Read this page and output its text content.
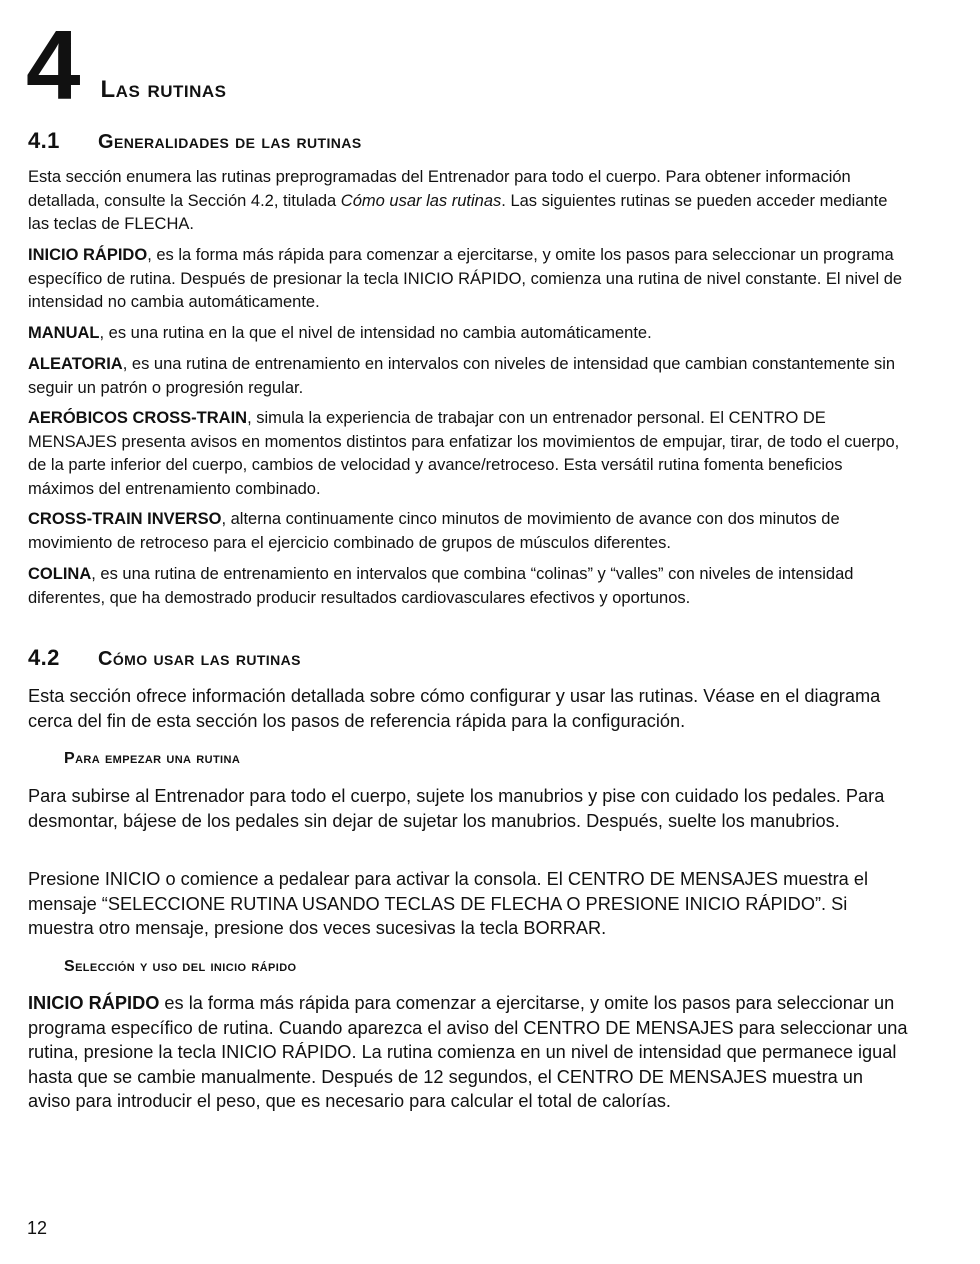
4 Las rutinas
4.1 Generalidades de las rutinas

Esta sección enumera las rutinas preprogramadas del Entrenador para todo el cuerpo. Para obtener información detallada, consulte la Sección 4.2, titulada Cómo usar las rutinas. Las siguientes rutinas se pueden acceder mediante las teclas de FLECHA.

INICIO RÁPIDO, es la forma más rápida para comenzar a ejercitarse, y omite los pasos para seleccionar un programa específico de rutina. Después de presionar la tecla INICIO RÁPIDO, comienza una rutina de nivel constante. El nivel de intensidad no cambia automáticamente.

MANUAL, es una rutina en la que el nivel de intensidad no cambia automáticamente.

ALEATORIA, es una rutina de entrenamiento en intervalos con niveles de intensidad que cambian constantemente sin seguir un patrón o progresión regular.

AERÓBICOS CROSS-TRAIN, simula la experiencia de trabajar con un entrenador personal. El CENTRO DE MENSAJES presenta avisos en momentos distintos para enfatizar los movimientos de empujar, tirar, de todo el cuerpo, de la parte inferior del cuerpo, cambios de velocidad y avance/retroceso. Esta versátil rutina fomenta beneficios máximos del entrenamiento combinado.

CROSS-TRAIN INVERSO, alterna continuamente cinco minutos de movimiento de avance con dos minutos de movimiento de retroceso para el ejercicio combinado de grupos de músculos diferentes.

COLINA, es una rutina de entrenamiento en intervalos que combina “colinas” y “valles” con niveles de intensidad diferentes, que ha demostrado producir resultados cardiovasculares efectivos y oportunos.

4.2 Cómo usar las rutinas

Esta sección ofrece información detallada sobre cómo configurar y usar las rutinas. Véase en el diagrama cerca del fin de esta sección los pasos de referencia rápida para la configuración.

Para empezar una rutina

Para subirse al Entrenador para todo el cuerpo, sujete los manubrios y pise con cuidado los pedales. Para desmontar, bájese de los pedales sin dejar de sujetar los manubrios. Después, suelte los manubrios.

Presione INICIO o comience a pedalear para activar la consola. El CENTRO DE MENSAJES muestra el mensaje “SELECCIONE RUTINA USANDO TECLAS DE FLECHA O PRESIONE INICIO RÁPIDO”. Si muestra otro mensaje, presione dos veces sucesivas la tecla BORRAR.

Selección y uso del inicio rápido

INICIO RÁPIDO es la forma más rápida para comenzar a ejercitarse, y omite los pasos para seleccionar un programa específico de rutina. Cuando aparezca el aviso del CENTRO DE MENSAJES para seleccionar una rutina, presione la tecla INICIO RÁPIDO. La rutina comienza en un nivel de intensidad que permanece igual hasta que se cambie manualmente. Después de 12 segundos, el CENTRO DE MENSAJES muestra un aviso para introducir el peso, que es necesario para calcular el total de calorías.

12
